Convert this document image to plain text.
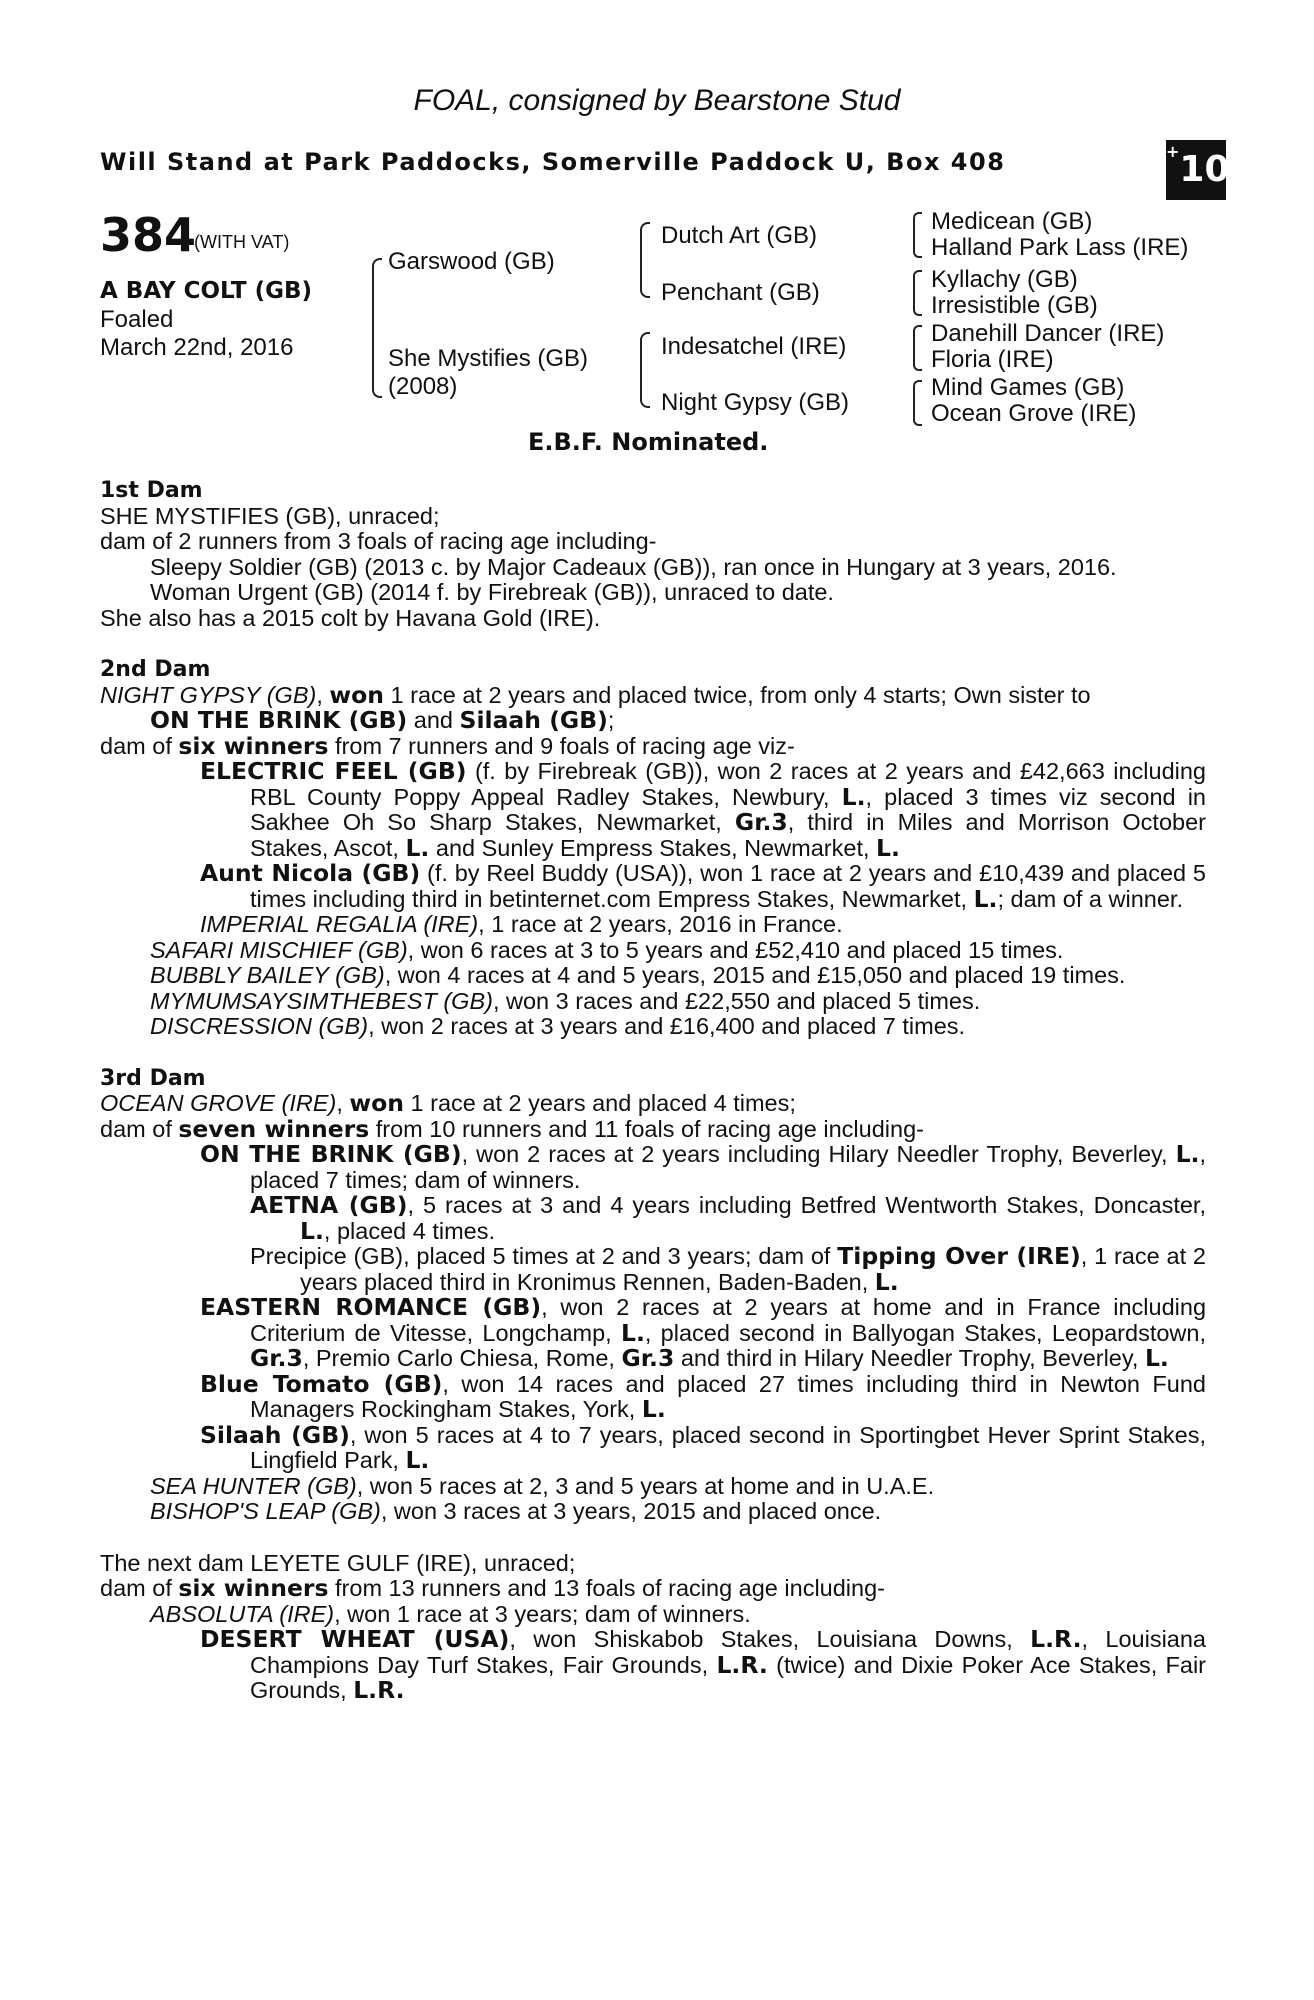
FOAL, consigned by Bearstone Stud
Will Stand at Park Paddocks, Somerville Paddock U, Box 408	+10
384
(WITH VAT)
A BAY COLT (GB)
Foaled
March 22nd, 2016
Garswood (GB)
She Mystifies (GB)
(2008)
Dutch Art (GB)
Penchant (GB)
Indesatchel (IRE)
Night Gypsy (GB)
Medicean (GB)
Halland Park Lass (IRE)
Kyllachy (GB)
Irresistible (GB)
Danehill Dancer (IRE)
Floria (IRE)
Mind Games (GB)
Ocean Grove (IRE)
E.B.F. Nominated.

1st Dam

SHE MYSTIFIES (GB), unraced;

dam of 2 runners from 3 foals of racing age including-

Sleepy Soldier (GB) (2013 c. by Major Cadeaux (GB)), ran once in Hungary at 3 years, 2016.

Woman Urgent (GB) (2014 f. by Firebreak (GB)), unraced to date.

She also has a 2015 colt by Havana Gold (IRE).

2nd Dam

NIGHT GYPSY (GB), won 1 race at 2 years and placed twice, from only 4 starts; Own sister to
ON THE BRINK (GB) and Silaah (GB);

dam of six winners from 7 runners and 9 foals of racing age viz-

ELECTRIC FEEL (GB) (f. by Firebreak (GB)), won 2 races at 2 years and £42,663 including RBL County Poppy Appeal Radley Stakes, Newbury, L., placed 3 times viz second in Sakhee Oh So Sharp Stakes, Newmarket, Gr.3, third in Miles and Morrison October Stakes, Ascot, L. and Sunley Empress Stakes, Newmarket, L.

Aunt Nicola (GB) (f. by Reel Buddy (USA)), won 1 race at 2 years and £10,439 and placed 5 times including third in betinternet.com Empress Stakes, Newmarket, L.; dam of a winner.

IMPERIAL REGALIA (IRE), 1 race at 2 years, 2016 in France.

SAFARI MISCHIEF (GB), won 6 races at 3 to 5 years and £52,410 and placed 15 times.

BUBBLY BAILEY (GB), won 4 races at 4 and 5 years, 2015 and £15,050 and placed 19 times.

MYMUMSAYSIMTHEBEST (GB), won 3 races and £22,550 and placed 5 times.

DISCRESSION (GB), won 2 races at 3 years and £16,400 and placed 7 times.

3rd Dam

OCEAN GROVE (IRE), won 1 race at 2 years and placed 4 times;

dam of seven winners from 10 runners and 11 foals of racing age including-

ON THE BRINK (GB), won 2 races at 2 years including Hilary Needler Trophy, Beverley, L., placed 7 times; dam of winners.

AETNA (GB), 5 races at 3 and 4 years including Betfred Wentworth Stakes, Doncaster, L., placed 4 times.

Precipice (GB), placed 5 times at 2 and 3 years; dam of Tipping Over (IRE), 1 race at 2 years placed third in Kronimus Rennen, Baden-Baden, L.

EASTERN ROMANCE (GB), won 2 races at 2 years at home and in France including Criterium de Vitesse, Longchamp, L., placed second in Ballyogan Stakes, Leopardstown, Gr.3, Premio Carlo Chiesa, Rome, Gr.3 and third in Hilary Needler Trophy, Beverley, L.

Blue Tomato (GB), won 14 races and placed 27 times including third in Newton Fund Managers Rockingham Stakes, York, L.

Silaah (GB), won 5 races at 4 to 7 years, placed second in Sportingbet Hever Sprint Stakes, Lingfield Park, L.

SEA HUNTER (GB), won 5 races at 2, 3 and 5 years at home and in U.A.E.

BISHOP'S LEAP (GB), won 3 races at 3 years, 2015 and placed once.

The next dam LEYETE GULF (IRE), unraced;

dam of six winners from 13 runners and 13 foals of racing age including-

ABSOLUTA (IRE), won 1 race at 3 years; dam of winners.

DESERT WHEAT (USA), won Shiskabob Stakes, Louisiana Downs, L.R., Louisiana Champions Day Turf Stakes, Fair Grounds, L.R. (twice) and Dixie Poker Ace Stakes, Fair Grounds, L.R.
